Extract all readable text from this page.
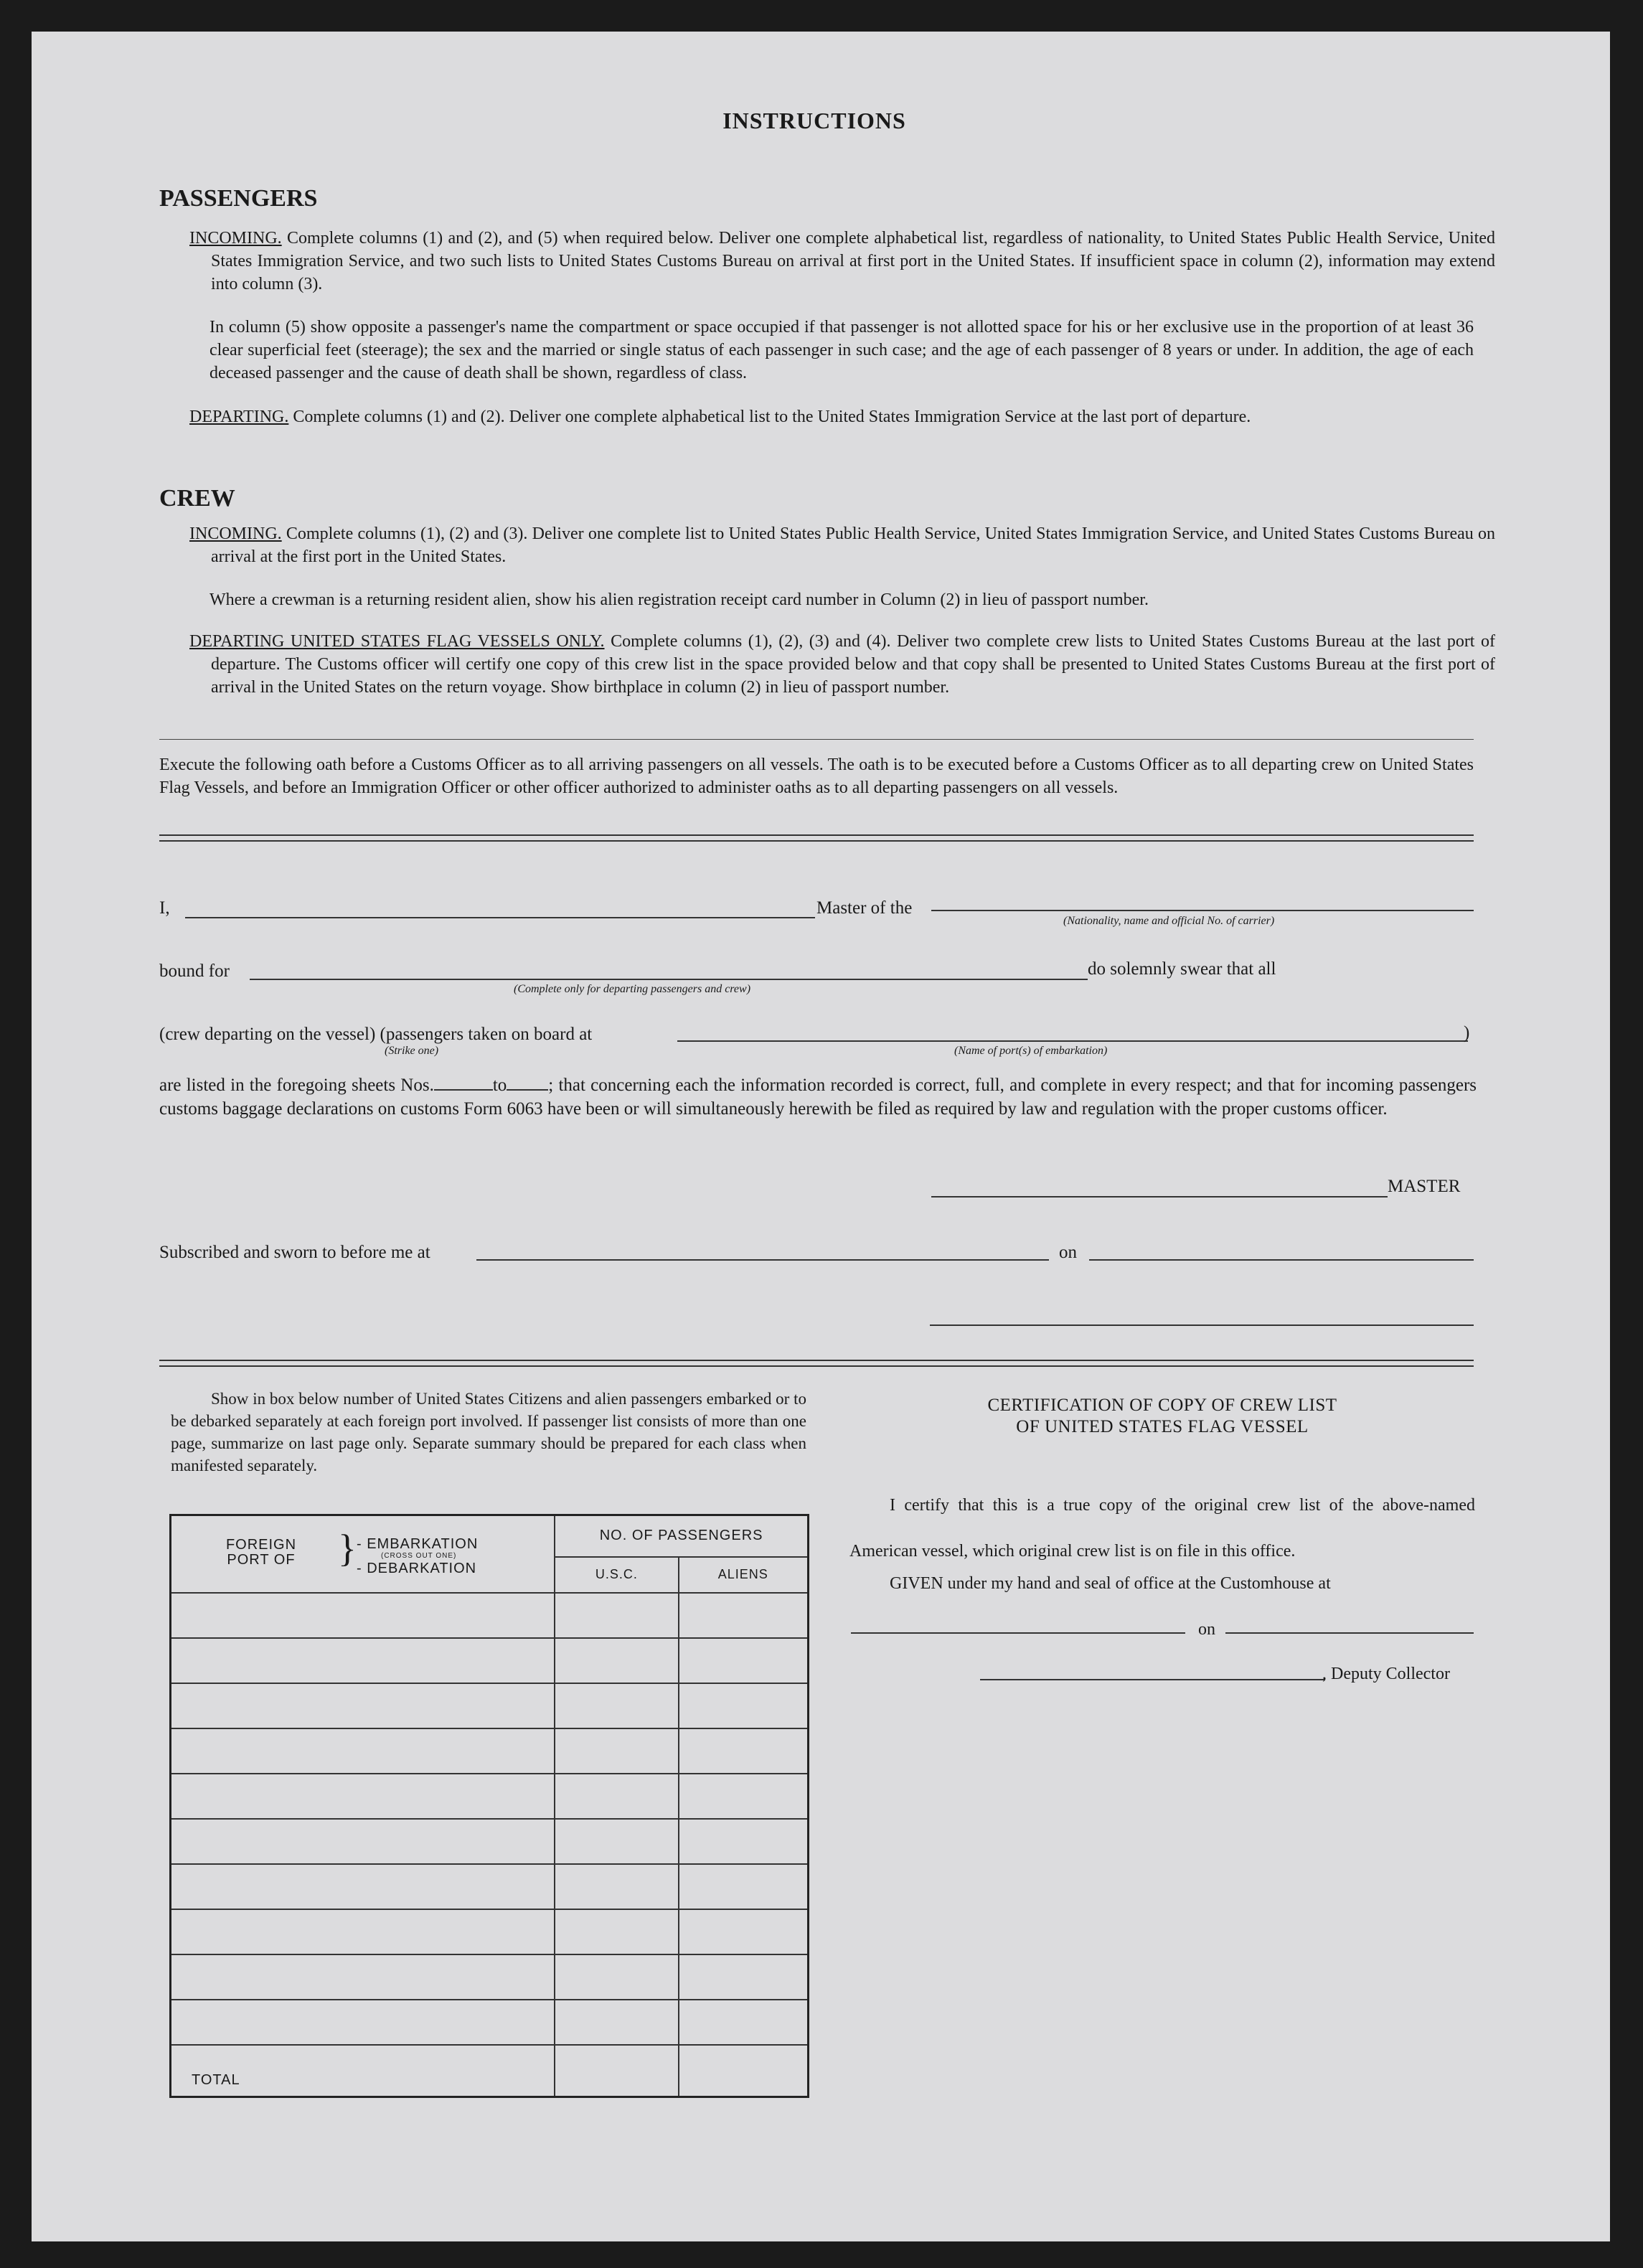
INSTRUCTIONS
PASSENGERS
INCOMING. Complete columns (1) and (2), and (5) when required below. Deliver one complete alphabetical list, regardless of nationality, to United States Public Health Service, United States Immigration Service, and two such lists to United States Customs Bureau on arrival at first port in the United States. If insufficient space in column (2), information may extend into column (3).
In column (5) show opposite a passenger's name the compartment or space occupied if that passenger is not allotted space for his or her exclusive use in the proportion of at least 36 clear superficial feet (steerage); the sex and the married or single status of each passenger in such case; and the age of each passenger of 8 years or under. In addition, the age of each deceased passenger and the cause of death shall be shown, regardless of class.
DEPARTING. Complete columns (1) and (2). Deliver one complete alphabetical list to the United States Immigration Service at the last port of departure.
CREW
INCOMING. Complete columns (1), (2) and (3). Deliver one complete list to United States Public Health Service, United States Immigration Service, and United States Customs Bureau on arrival at the first port in the United States.
Where a crewman is a returning resident alien, show his alien registration receipt card number in Column (2) in lieu of passport number.
DEPARTING UNITED STATES FLAG VESSELS ONLY. Complete columns (1), (2), (3) and (4). Deliver two complete crew lists to United States Customs Bureau at the last port of departure. The Customs officer will certify one copy of this crew list in the space provided below and that copy shall be presented to United States Customs Bureau at the first port of arrival in the United States on the return voyage. Show birthplace in column (2) in lieu of passport number.
Execute the following oath before a Customs Officer as to all arriving passengers on all vessels. The oath is to be executed before a Customs Officer as to all departing crew on United States Flag Vessels, and before an Immigration Officer or other officer authorized to administer oaths as to all departing passengers on all vessels.
I,	Master of the
(Nationality, name and official No. of carrier)
bound for	do solemnly swear that all
(Complete only for departing passengers and crew)
(crew departing on the vessel) (passengers taken on board at	)
(Strike one)	(Name of port(s) of embarkation)
are listed in the foregoing sheets Nos.	to ; that concerning each the information recorded is correct, full, and complete in every respect; and that for incoming passengers customs baggage declarations on customs Form 6063 have been or will simultaneously herewith be filed as required by law and regulation with the proper customs officer.
MASTER
Subscribed and sworn to before me at	on
Show in box below number of United States Citizens and alien passengers embarked or to be debarked separately at each foreign port involved. If passenger list consists of more than one page, summarize on last page only. Separate summary should be prepared for each class when manifested separately.
FOREIGN PORT OF } - EMBARKATION
(CROSS OUT ONE)
- DEBARKATION	NO. OF PASSENGERS	
	U.S.C.	ALIENS

TOTAL		
CERTIFICATION OF COPY OF CREW LIST
OF UNITED STATES FLAG VESSEL
I certify that this is a true copy of the original crew list of the above-named American vessel, which original crew list is on file in this office.
GIVEN under my hand and seal of office at the Customhouse at
on
, Deputy Collector
